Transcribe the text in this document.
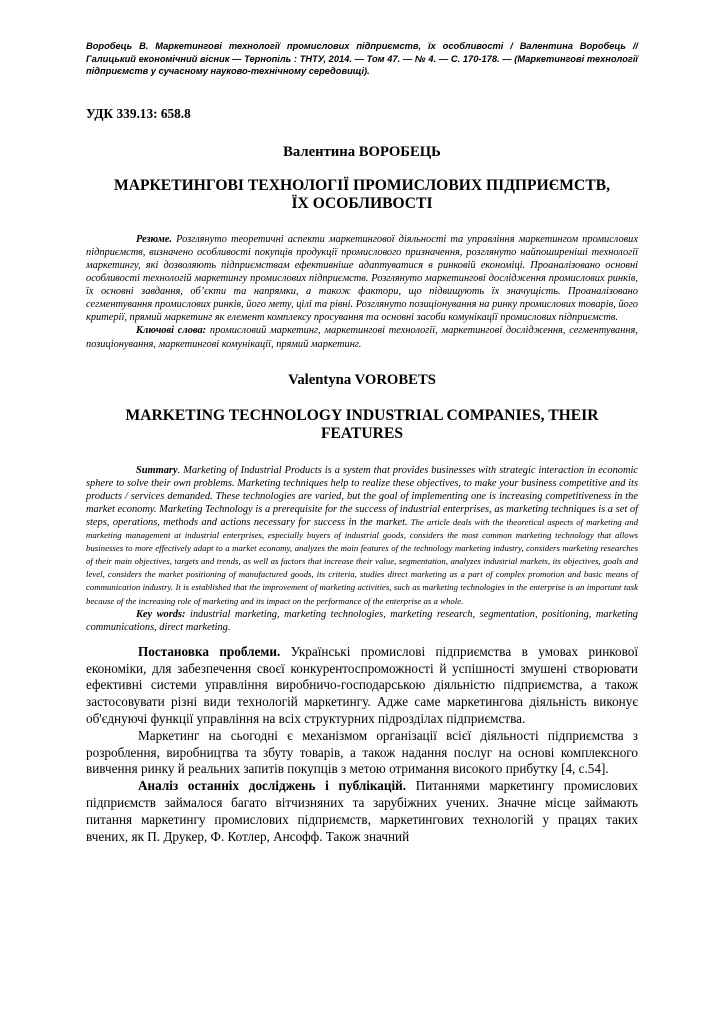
Воробець В. Маркетингові технології промислових підприємств, їх особливості / Валентина Воробець // Галицький економічний вісник — Тернопіль : ТНТУ, 2014. — Том 47. — № 4. — С. 170-178. — (Маркетингові технології підприємств у сучасному науково-технічному середовищі).

УДК 339.13: 658.8

Валентина ВОРОБЕЦЬ

МАРКЕТИНГОВІ ТЕХНОЛОГІЇ ПРОМИСЛОВИХ ПІДПРИЄМСТВ,
ЇХ ОСОБЛИВОСТІ

Резюме. Розглянуто теоретичні аспекти маркетингової діяльності та управління маркетингом промислових підприємств, визначено особливості покупців продукції промислового призначення, розглянуто найпоширеніші технології маркетингу, які дозволяють підприємствам ефективніше адаптуватися в ринковій економіці. Проаналізовано основні особливості технологій маркетингу промислових підприємств. Розглянуто маркетингові дослідження промислових ринків, їх основні завдання, об’єкти та напрямки, а також фактори, що підвищують їх значущість. Проаналізовано сегментування промислових ринків, його мету, цілі та рівні. Розглянуто позиціонування на ринку промислових товарів, його критерії, прямий маркетинг як елемент комплексу просування та основні засоби комунікації промислових підприємств.

Ключові слова: промисловий маркетинг, маркетингові технології, маркетингові дослідження, сегментування, позиціонування, маркетингові комунікації, прямий маркетинг.

Valentyna VOROBETS

MARKETING TECHNOLOGY INDUSTRIAL COMPANIES, THEIR
FEATURES

Summary. Marketing of Industrial Products is a system that provides businesses with strategic interaction in economic sphere to solve their own problems. Marketing techniques help to realize these objectives, to make your business competitive and its products / services demanded. These technologies are varied, but the goal of implementing one is increasing competitiveness in the market economy. Marketing Technology is a prerequisite for the success of industrial enterprises, as marketing techniques is a set of steps, operations, methods and actions necessary for success in the market. The article deals with the theoretical aspects of marketing and marketing management at industrial enterprises, especially buyers of industrial goods, considers the most common marketing technology that allows businesses to more effectively adapt to a market economy, analyzes the main features of the technology marketing industry, considers marketing researches of their main objectives, targets and trends, as well as factors that increase their value, segmentation, analyzes industrial markets, its objectives, goals and level, considers the market positioning of manufactured goods, its criteria, studies direct marketing as a part of complex promotion and basic means of communication industry. It is established that the improvement of marketing activities, such as marketing technologies in the enterprise is an important task because of the increasing role of marketing and its impact on the performance of the enterprise as a whole.

Key words: industrial marketing, marketing technologies, marketing research, segmentation, positioning, marketing communications, direct marketing.

Постановка проблеми. Українські промислові підприємства в умовах ринкової економіки, для забезпечення своєї конкурентоспроможності й успішності змушені створювати ефективні системи управління виробничо-господарською діяльністю підприємства, а також застосовувати різні види технологій маркетингу. Адже саме маркетингова діяльність виконує об'єднуючі функції управління на всіх структурних підрозділах підприємства.

Маркетинг на сьогодні є механізмом організації всієї діяльності підприємства з розроблення, виробництва та збуту товарів, а також надання послуг на основі комплексного вивчення ринку й реальних запитів покупців з метою отримання високого прибутку [4, с.54].

Аналіз останніх досліджень і публікацій. Питаннями маркетингу промислових підприємств займалося багато вітчизняних та зарубіжних учених. Значне місце займають питання маркетингу промислових підприємств, маркетингових технологій у працях таких вчених, як П. Друкер, Ф. Котлер, Ансофф. Також значний
